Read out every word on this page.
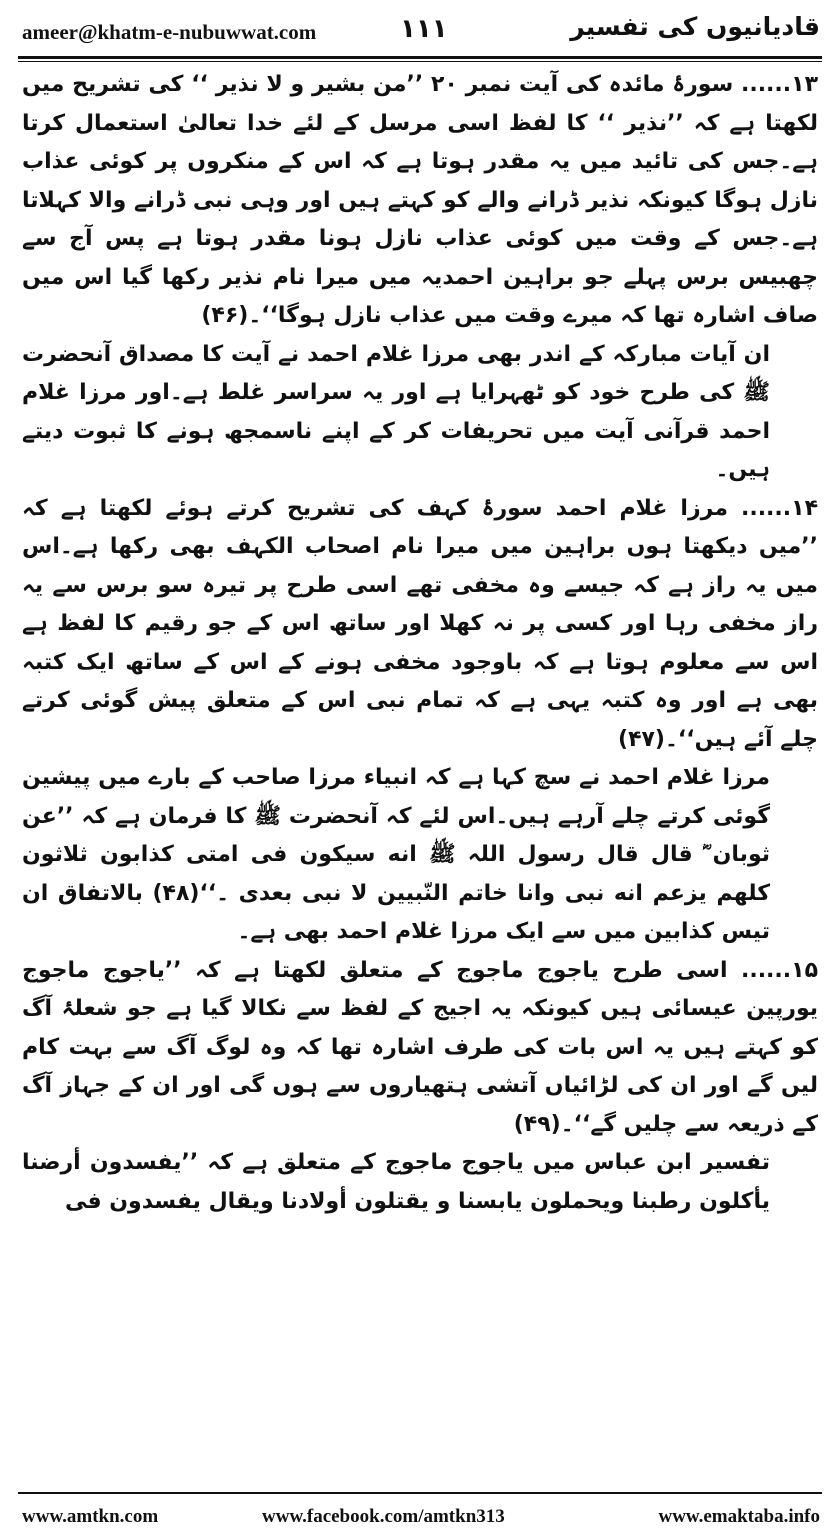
ameer@khatm-e-nubuwwat.com	۱۱۱	قادیانیوں کی تفسیر

۱۳...... سورۂ مائدہ کی آیت نمبر ۲۰ ’’من بشیر و لا نذیر ‘‘ کی تشریح میں لکھتا ہے کہ ’’نذیر ‘‘ کا لفظ اسی مرسل کے لئے خدا تعالیٰ استعمال کرتا ہے۔جس کی تائید میں یہ مقدر ہوتا ہے کہ اس کے منکروں پر کوئی عذاب نازل ہوگا کیونکہ نذیر ڈرانے والے کو کہتے ہیں اور وہی نبی ڈرانے والا کہلاتا ہے۔جس کے وقت میں کوئی عذاب نازل ہونا مقدر ہوتا ہے پس آج سے چھبیس برس پہلے جو براہین احمدیہ میں میرا نام نذیر رکھا گیا اس میں صاف اشارہ تھا کہ میرے وقت میں عذاب نازل ہوگا‘‘۔(۴۶)

ان آیات مبارکہ کے اندر بھی مرزا غلام احمد نے آیت کا مصداق آنحضرت ﷺ کی طرح خود کو ٹھہرایا ہے اور یہ سراسر غلط ہے۔اور مرزا غلام احمد قرآنی آیت میں تحریفات کر کے اپنے ناسمجھ ہونے کا ثبوت دیتے ہیں۔

۱۴...... مرزا غلام احمد سورۂ کہف کی تشریح کرتے ہوئے لکھتا ہے کہ ’’میں دیکھتا ہوں براہین میں میرا نام اصحاب الکہف بھی رکھا ہے۔اس میں یہ راز ہے کہ جیسے وہ مخفی تھے اسی طرح پر تیرہ سو برس سے یہ راز مخفی رہا اور کسی پر نہ کھلا اور ساتھ اس کے جو رقیم کا لفظ ہے اس سے معلوم ہوتا ہے کہ باوجود مخفی ہونے کے اس کے ساتھ ایک کتبہ بھی ہے اور وہ کتبہ یہی ہے کہ تمام نبی اس کے متعلق پیش گوئی کرتے چلے آئے ہیں‘‘۔(۴۷)

مرزا غلام احمد نے سچ کہا ہے کہ انبیاء مرزا صاحب کے بارے میں پیشین گوئی کرتے چلے آرہے ہیں۔اس لئے کہ آنحضرت ﷺ کا فرمان ہے کہ ’’عن ثوبان ؓ قال قال رسول اللہ ﷺ انه سیکون فی امتی کذابون ثلاثون کلهم یزعم انه نبی وانا خاتم النّبیین لا نبی بعدی ۔‘‘(۴۸) بالاتفاق ان تیس کذابین میں سے ایک مرزا غلام احمد بھی ہے۔

۱۵...... اسی طرح یاجوج ماجوج کے متعلق لکھتا ہے کہ ’’یاجوج ماجوج یورپین عیسائی ہیں کیونکہ یہ اجیج کے لفظ سے نکالا گیا ہے جو شعلۂ آگ کو کہتے ہیں یہ اس بات کی طرف اشارہ تھا کہ وہ لوگ آگ سے بہت کام لیں گے اور ان کی لڑائیاں آتشی ہتھیاروں سے ہوں گی اور ان کے جہاز آگ کے ذریعہ سے چلیں گے‘‘۔(۴۹)

تفسیر ابن عباس میں یاجوج ماجوج کے متعلق ہے کہ ’’یفسدون أرضنا یأکلون رطبنا ویحملون یابسنا و یقتلون أولادنا ویقال یفسدون فی

www.amtkn.com	www.facebook.com/amtkn313	www.emaktaba.info
